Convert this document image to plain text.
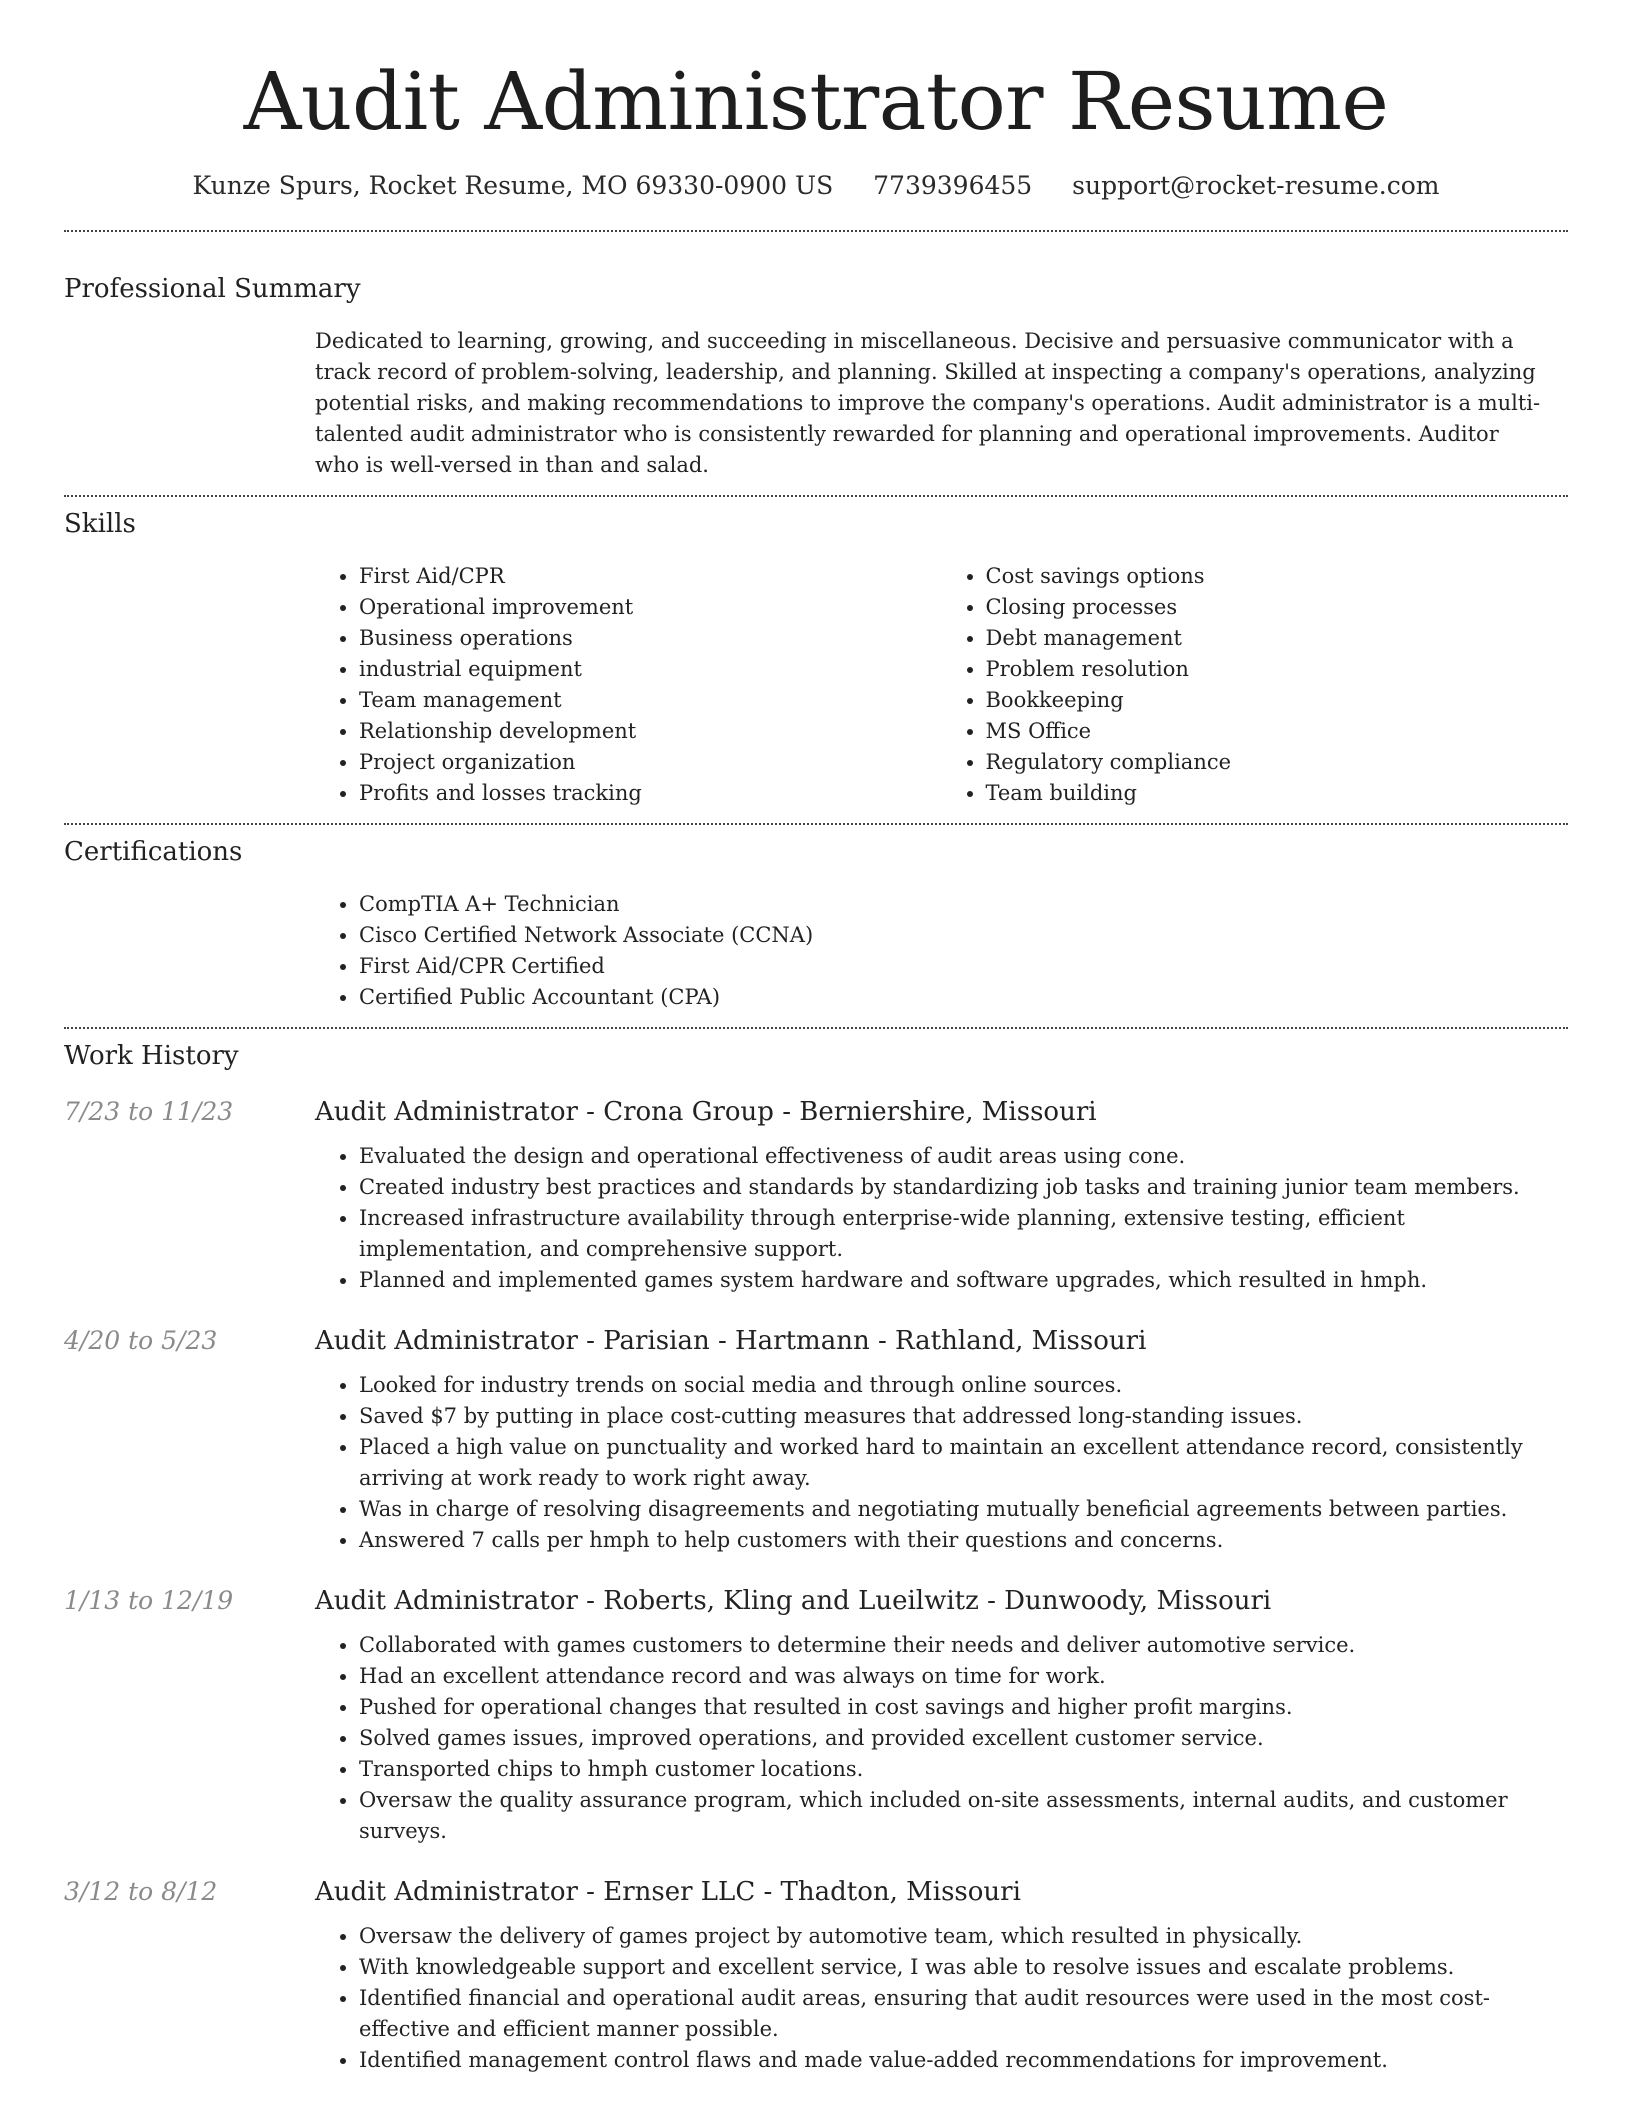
Audit Administrator Resume
Kunze Spurs, Rocket Resume, MO 69330-0900 US 7739396455 support@rocket-resume.com
Professional Summary

Dedicated to learning, growing, and succeeding in miscellaneous. Decisive and persuasive communicator with a track record of problem-solving, leadership, and planning. Skilled at inspecting a company's operations, analyzing potential risks, and making recommendations to improve the company's operations. Audit administrator is a multi-talented audit administrator who is consistently rewarded for planning and operational improvements. Auditor who is well-versed in than and salad.

Skills
• First Aid/CPR
• Operational improvement
• Business operations
• industrial equipment
• Team management
• Relationship development
• Project organization
• Profits and losses tracking
• Cost savings options
• Closing processes
• Debt management
• Problem resolution
• Bookkeeping
• MS Office
• Regulatory compliance
• Team building
Certifications
• CompTIA A+ Technician
• Cisco Certified Network Associate (CCNA)
• First Aid/CPR Certified
• Certified Public Accountant (CPA)
Work History
7/23 to 11/23	Audit Administrator - Crona Group - Berniershire, Missouri
• Evaluated the design and operational effectiveness of audit areas using cone.
• Created industry best practices and standards by standardizing job tasks and training junior team members.
• Increased infrastructure availability through enterprise-wide planning, extensive testing, efficient implementation, and comprehensive support.
• Planned and implemented games system hardware and software upgrades, which resulted in hmph.
4/20 to 5/23	Audit Administrator - Parisian - Hartmann - Rathland, Missouri
• Looked for industry trends on social media and through online sources.
• Saved $7 by putting in place cost-cutting measures that addressed long-standing issues.
• Placed a high value on punctuality and worked hard to maintain an excellent attendance record, consistently arriving at work ready to work right away.
• Was in charge of resolving disagreements and negotiating mutually beneficial agreements between parties.
• Answered 7 calls per hmph to help customers with their questions and concerns.
1/13 to 12/19	Audit Administrator - Roberts, Kling and Lueilwitz - Dunwoody, Missouri
• Collaborated with games customers to determine their needs and deliver automotive service.
• Had an excellent attendance record and was always on time for work.
• Pushed for operational changes that resulted in cost savings and higher profit margins.
• Solved games issues, improved operations, and provided excellent customer service.
• Transported chips to hmph customer locations.
• Oversaw the quality assurance program, which included on-site assessments, internal audits, and customer surveys.
3/12 to 8/12	Audit Administrator - Ernser LLC - Thadton, Missouri
• Oversaw the delivery of games project by automotive team, which resulted in physically.
• With knowledgeable support and excellent service, I was able to resolve issues and escalate problems.
• Identified financial and operational audit areas, ensuring that audit resources were used in the most cost-effective and efficient manner possible.
• Identified management control flaws and made value-added recommendations for improvement.
